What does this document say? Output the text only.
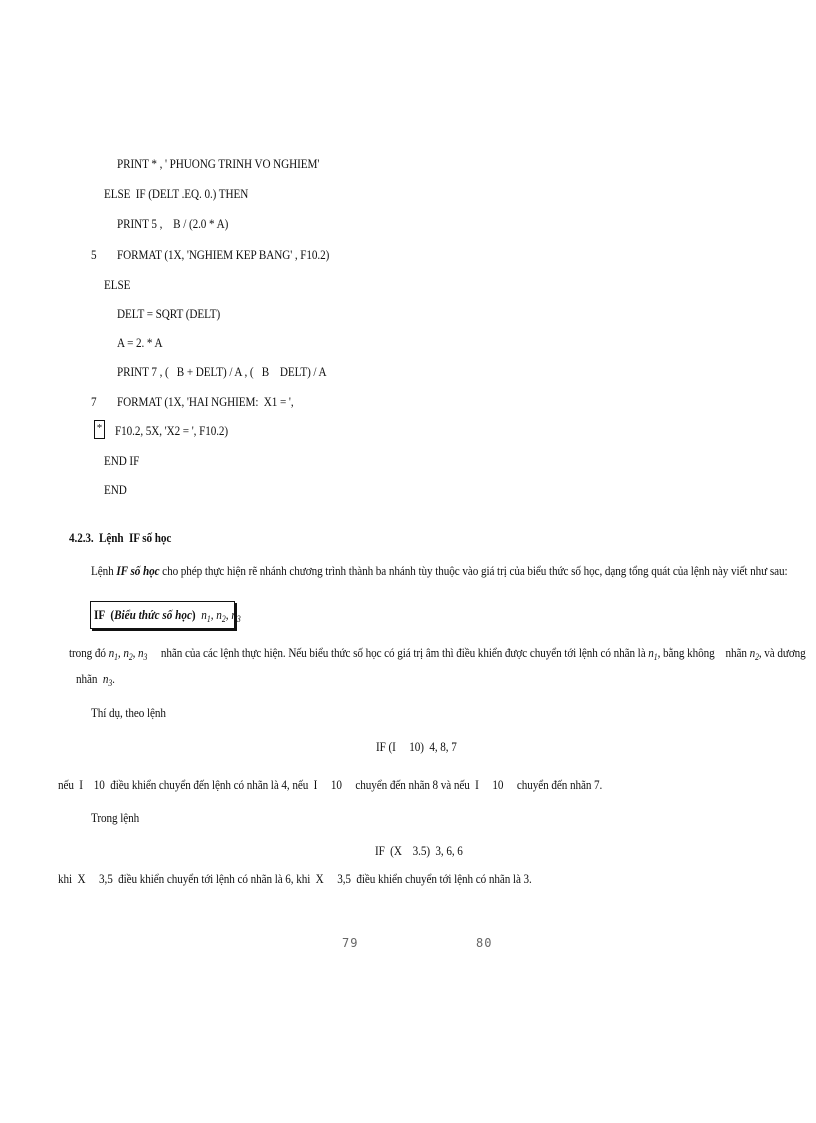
PRINT * , ' PHUONG TRINH VO NGHIEM'
ELSE  IF (DELT .EQ. 0.) THEN
PRINT 5 ,    B / (2.0 * A)
5 FORMAT (1X, 'NGHIEM KEP BANG' , F10.2)
ELSE
DELT = SQRT (DELT)
A = 2. * A
PRINT 7 , (   B + DELT) / A , (   B    DELT) / A
7 FORMAT (1X, 'HAI NGHIEM:  X1 = ',
* F10.2, 5X, 'X2 = ', F10.2)
END IF
END
4.2.3.  Lệnh  IF số học
Lệnh IF số học cho phép thực hiện rẽ nhánh chương trình thành ba nhánh tùy thuộc vào giá trị của biểu thức số học, dạng tổng quát của lệnh này viết như sau:
IF  (Biểu thức số học) $n_1$, $n_2$, $n_3$
trong đó $n_1$, $n_2$, $n_3$ nhãn của các lệnh thực hiện. Nếu biểu thức số học có giá trị âm thì điều khiển được chuyển tới lệnh có nhãn là $n_1$, bằng không    nhãn $n_2$, và dương
nhãn $n_3$.
Thí dụ, theo lệnh
IF (I     10)  4, 8, 7
nếu  I    10  điều khiển chuyển đến lệnh có nhãn là 4, nếu  I     10     chuyển đến nhãn 8 và nếu  I     10     chuyển đến nhãn 7.
Trong lệnh
IF  (X    3.5)  3, 6, 6
khi  X     3,5  điều khiển chuyển tới lệnh có nhãn là 6, khi  X     3,5  điều khiển chuyển tới lệnh có nhãn là 3.
79	80
